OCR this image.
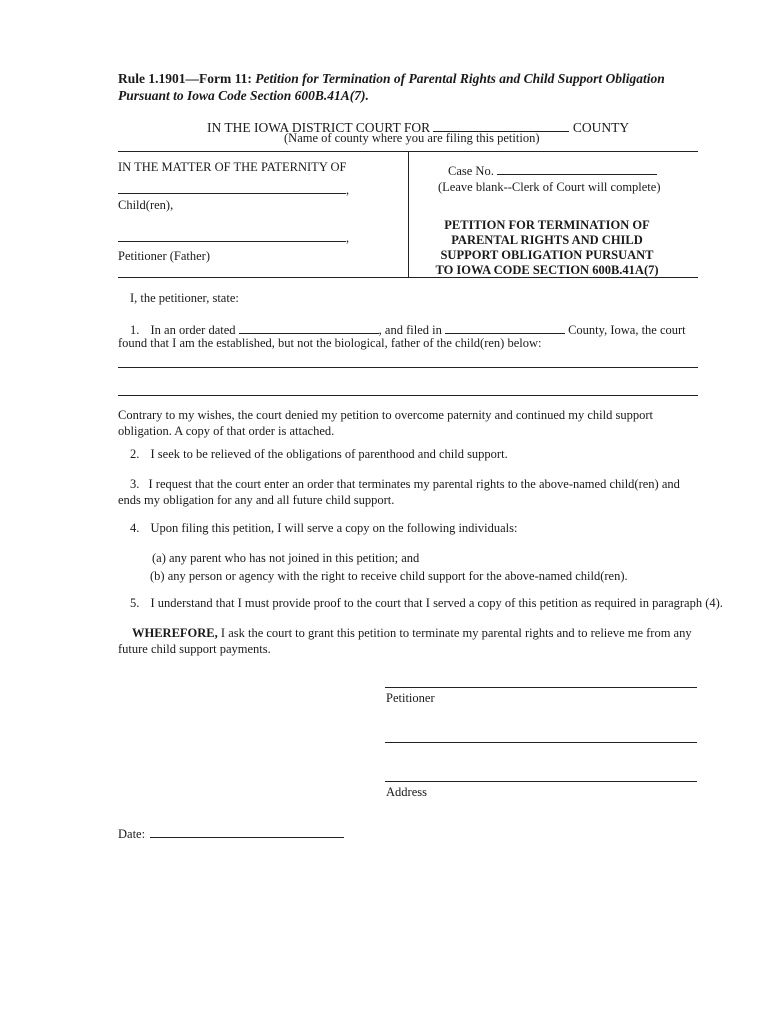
Rule 1.1901—Form 11: Petition for Termination of Parental Rights and Child Support Obligation Pursuant to Iowa Code Section 600B.41A(7).
IN THE IOWA DISTRICT COURT FOR	COUNTY
(Name of county where you are filing this petition)
IN THE MATTER OF THE PATERNITY OF
,
Child(ren),
,
Petitioner (Father)
Case No.
(Leave blank--Clerk of Court will complete)
PETITION FOR TERMINATION OF
PARENTAL RIGHTS AND CHILD
SUPPORT OBLIGATION PURSUANT
TO IOWA CODE SECTION 600B.41A(7)
I, the petitioner, state:
1. In an order dated	, and filed in	County, Iowa, the court
found that I am the established, but not the biological, father of the child(ren) below:
Contrary to my wishes, the court denied my petition to overcome paternity and continued my child support obligation. A copy of that order is attached.
2. I seek to be relieved of the obligations of parenthood and child support.
3. I request that the court enter an order that terminates my parental rights to the above-named child(ren) and ends my obligation for any and all future child support.
4. Upon filing this petition, I will serve a copy on the following individuals:
(a) any parent who has not joined in this petition; and
(b) any person or agency with the right to receive child support for the above-named child(ren).
5. I understand that I must provide proof to the court that I served a copy of this petition as required in paragraph (4).
WHEREFORE, I ask the court to grant this petition to terminate my parental rights and to relieve me from any future child support payments.
Petitioner
Address
Date:
